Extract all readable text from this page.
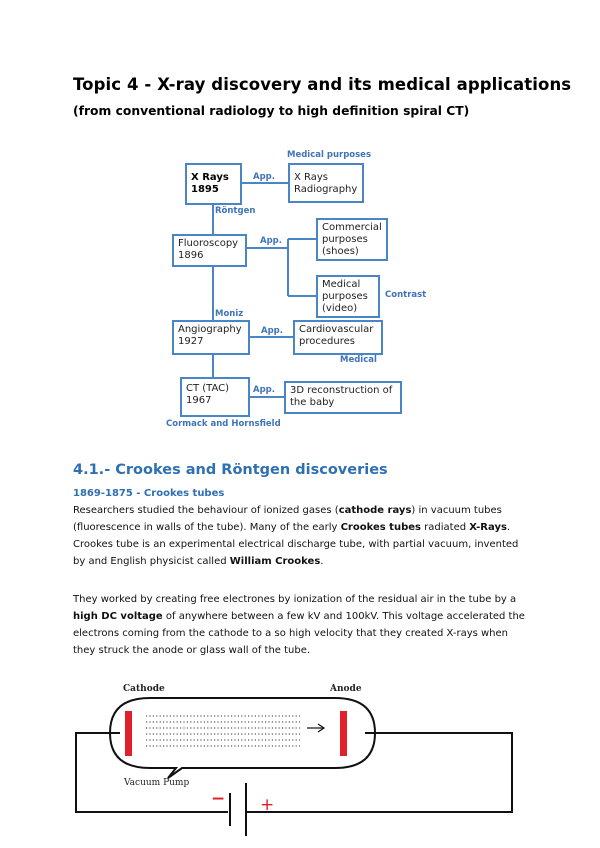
Topic 4 - X-ray discovery and its medical applications
(from conventional radiology to high definition spiral CT)
X Rays
1895
X Rays
Radiography
Fluoroscopy
1896
Commercial
purposes
(shoes)
Medical
purposes
(video)
Angiography
1927
Cardiovascular
procedures
CT (TAC)
1967
3D reconstruction of
the baby
Medical purposes
App.
Röntgen
App.
Contrast
Moniz
App.
Medical
App.
Cormack and Hornsfield
4.1.- Crookes and Röntgen discoveries
1869-1875 - Crookes tubes

Researchers studied the behaviour of ionized gases (cathode rays) in vacuum tubes (fluorescence in walls of the tube). Many of the early Crookes tubes radiated X-Rays. Crookes tube is an experimental electrical discharge tube, with partial vacuum, invented by and English physicist called William Crookes.

They worked by creating free electrones by ionization of the residual air in the tube by a high DC voltage of anywhere between a few kV and 100kV. This voltage accelerated the electrons coming from the cathode to a so high velocity that they created X-rays when they struck the anode or glass wall of the tube.

Cathode	Anode
Vacuum Pump
− +
